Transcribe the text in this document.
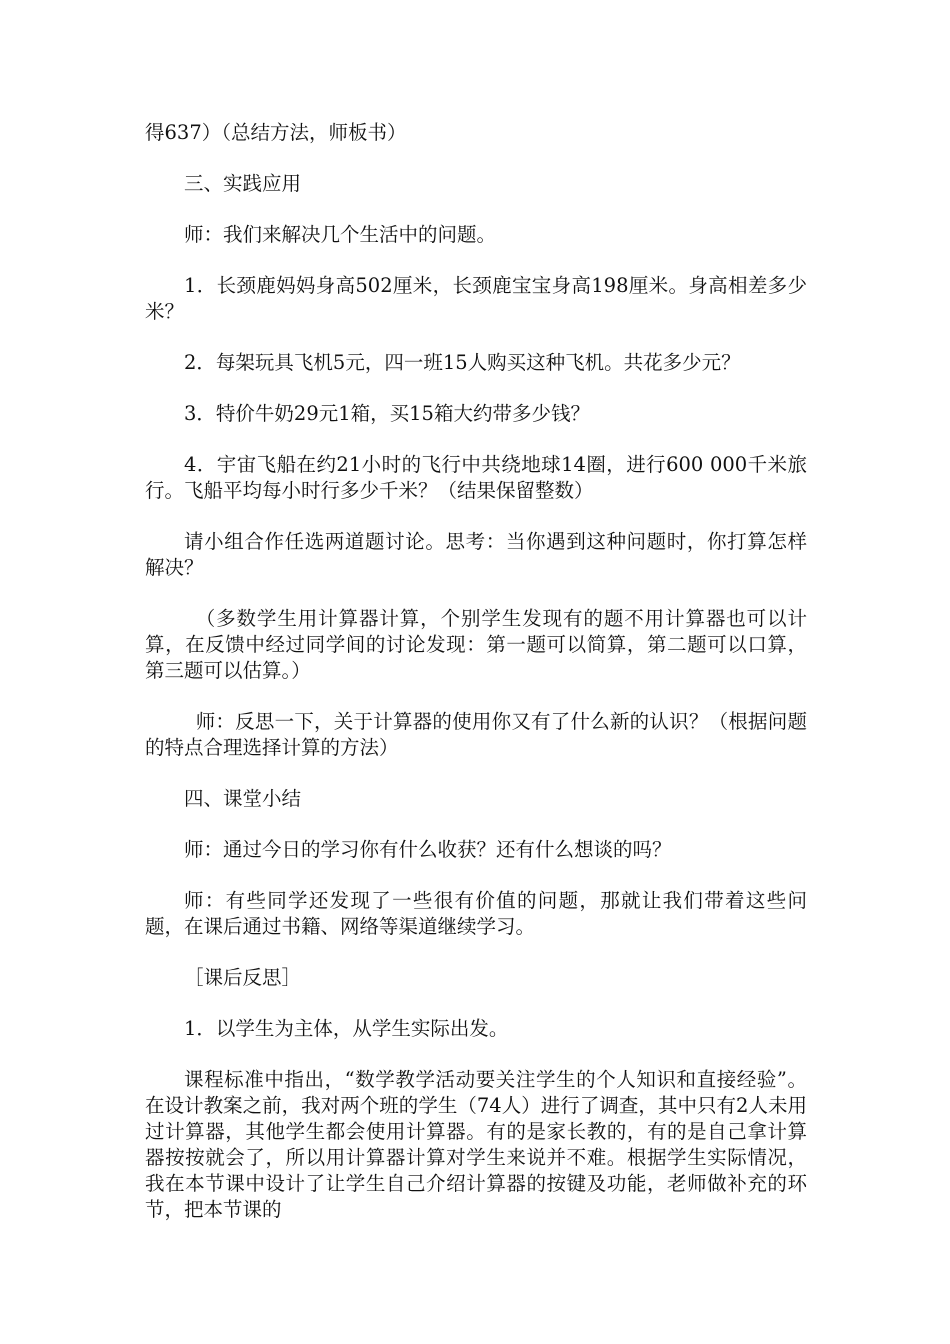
得637）（总结方法，师板书）

三、实践应用

师：我们来解决几个生活中的问题。

1．长颈鹿妈妈身高502厘米，长颈鹿宝宝身高198厘米。身高相差多少米？

2．每架玩具飞机5元，四一班15人购买这种飞机。共花多少元？

3．特价牛奶29元1箱，买15箱大约带多少钱？

4．宇宙飞船在约21小时的飞行中共绕地球14圈，进行600 000千米旅行。飞船平均每小时行多少千米？（结果保留整数）

请小组合作任选两道题讨论。思考：当你遇到这种问题时，你打算怎样解决？

（多数学生用计算器计算，个别学生发现有的题不用计算器也可以计算，在反馈中经过同学间的讨论发现：第一题可以简算，第二题可以口算，第三题可以估算。）

师：反思一下，关于计算器的使用你又有了什么新的认识？（根据问题的特点合理选择计算的方法）

四、课堂小结

师：通过今日的学习你有什么收获？还有什么想谈的吗？

师：有些同学还发现了一些很有价值的问题，那就让我们带着这些问题，在课后通过书籍、网络等渠道继续学习。

［课后反思］

1．以学生为主体，从学生实际出发。

课程标准中指出，“数学教学活动要关注学生的个人知识和直接经验”。在设计教案之前，我对两个班的学生（74人）进行了调查，其中只有2人未用过计算器，其他学生都会使用计算器。有的是家长教的，有的是自己拿计算器按按就会了，所以用计算器计算对学生来说并不难。根据学生实际情况，我在本节课中设计了让学生自己介绍计算器的按键及功能，老师做补充的环节，把本节课的
